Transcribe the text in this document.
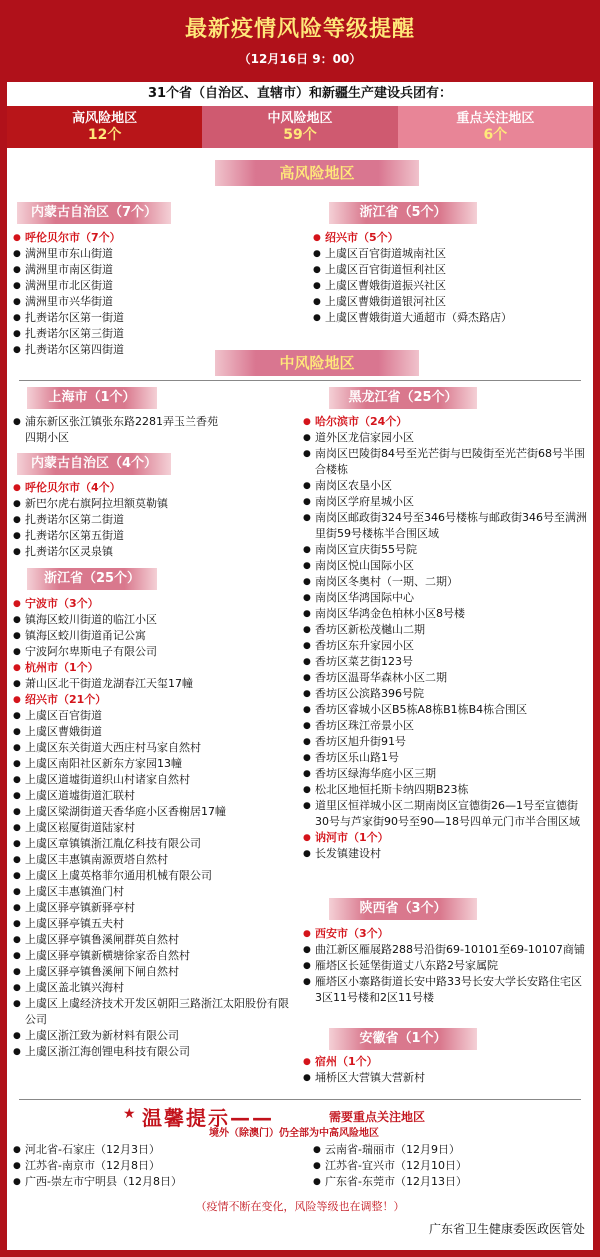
最新疫情风险等级提醒
（12月16日 9：00）
31个省（自治区、直辖市）和新疆生产建设兵团有：
高风险地区
12个
中风险地区
59个
重点关注地区
6个
高风险地区
内蒙古自治区（7个）
● 呼伦贝尔市（7个）
● 满洲里市东山街道
● 满洲里市南区街道
● 满洲里市北区街道
● 满洲里市兴华街道
● 扎赉诺尔区第一街道
● 扎赉诺尔区第三街道
● 扎赉诺尔区第四街道
浙江省（5个）
● 绍兴市（5个）
● 上虞区百官街道城南社区
● 上虞区百官街道恒利社区
● 上虞区曹娥街道振兴社区
● 上虞区曹娥街道银河社区
● 上虞区曹娥街道大通超市（舜杰路店）
中风险地区
上海市（1个）
● 浦东新区张江镇张东路2281弄玉兰香苑四期小区
内蒙古自治区（4个）
● 呼伦贝尔市（4个）
● 新巴尔虎右旗阿拉坦额莫勒镇
● 扎赉诺尔区第二街道
● 扎赉诺尔区第五街道
● 扎赉诺尔区灵泉镇
浙江省（25个）
● 宁波市（3个）
● 镇海区蛟川街道的临江小区
● 镇海区蛟川街道甬记公寓
● 宁波阿尔卑斯电子有限公司
● 杭州市（1个）
● 萧山区北干街道龙湖春江天玺17幢
● 绍兴市（21个）
● 上虞区百官街道
● 上虞区曹娥街道
● 上虞区东关街道大西庄村马家自然村
● 上虞区南阳社区新东方家园13幢
● 上虞区道墟街道织山村诸家自然村
● 上虞区道墟街道汇联村
● 上虞区梁湖街道天香华庭小区香榭居17幢
● 上虞区崧厦街道陆家村
● 上虞区章镇镇浙江胤亿科技有限公司
● 上虞区丰惠镇南源贾塔自然村
● 上虞区上虞英格菲尔通用机械有限公司
● 上虞区丰惠镇渔门村
● 上虞区驿亭镇新驿亭村
● 上虞区驿亭镇五夫村
● 上虞区驿亭镇鲁溪闸群英自然村
● 上虞区驿亭镇新横塘徐家岙自然村
● 上虞区驿亭镇鲁溪闸下闸自然村
● 上虞区盖北镇兴海村
● 上虞区上虞经济技术开发区朝阳三路浙江太阳股份有限公司
● 上虞区浙江致为新材料有限公司
● 上虞区浙江海创锂电科技有限公司
黑龙江省（25个）
● 哈尔滨市（24个）
● 道外区龙信家园小区
● 南岗区巴陵街84号至光芒街与巴陵街至光芒街68号半围合楼栋
● 南岗区农垦小区
● 南岗区学府星城小区
● 南岗区邮政街324号至346号楼栋与邮政街346号至满洲里街59号楼栋半合围区域
● 南岗区宣庆街55号院
● 南岗区悦山国际小区
● 南岗区冬奥村（一期、二期）
● 南岗区华鸿国际中心
● 南岗区华鸿金色柏林小区8号楼
● 香坊区新松茂樾山二期
● 香坊区东升家园小区
● 香坊区菜艺街123号
● 香坊区温哥华森林小区二期
● 香坊区公滨路396号院
● 香坊区睿城小区B5栋A8栋B1栋B4栋合围区
● 香坊区珠江帝景小区
● 香坊区旭升街91号
● 香坊区乐山路1号
● 香坊区绿海华庭小区三期
● 松北区地恒托斯卡纳四期B23栋
● 道里区恒祥城小区二期南岗区宣德街26—1号至宣德街30号与芦家街90号至90—18号四单元门市半合围区域
● 讷河市（1个）
● 长发镇建设村
陕西省（3个）
● 西安市（3个）
● 曲江新区雁展路288号沿街69-10101至69-10107商铺
● 雁塔区长延堡街道丈八东路2号家属院
● 雁塔区小寨路街道长安中路33号长安大学长安路住宅区3区11号楼和2区11号楼
安徽省（1个）
● 宿州（1个）
● 埇桥区大营镇大营新村
★ 温馨提示——	需要重点关注地区
境外（除澳门）仍全部为中高风险地区
● 河北省-石家庄（12月3日）
● 江苏省-南京市（12月8日）
● 广西-崇左市宁明县（12月8日）
● 云南省-瑞丽市（12月9日）
● 江苏省-宜兴市（12月10日）
● 广东省-东莞市（12月13日）
（疫情不断在变化，风险等级也在调整！）
广东省卫生健康委医政医管处
